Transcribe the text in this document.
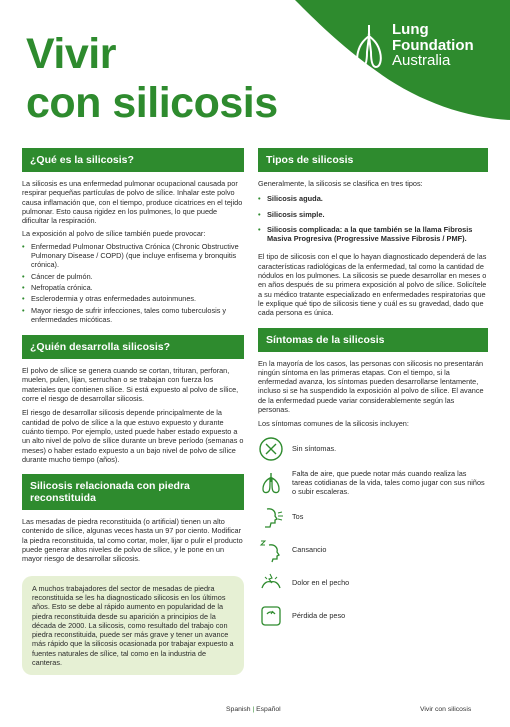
Vivir
con silicosis
Lung
Foundation
Australia
¿Qué es la silicosis?

La silicosis es una enfermedad pulmonar ocupacional causada por respirar pequeñas partículas de polvo de sílice. Inhalar este polvo causa inflamación que, con el tiempo, produce cicatrices en el tejido pulmonar. Esto causa rigidez en los pulmones, lo que puede dificultar la respiración.

La exposición al polvo de sílice también puede provocar:

• Enfermedad Pulmonar Obstructiva Crónica (Chronic Obstructive Pulmonary Disease / COPD) (que incluye enfisema y bronquitis crónica).
• Cáncer de pulmón.
• Nefropatía crónica.
• Esclerodermia y otras enfermedades autoinmunes.
• Mayor riesgo de sufrir infecciones, tales como tuberculosis y enfermedades micóticas.
¿Quién desarrolla silicosis?

El polvo de sílice se genera cuando se cortan, trituran, perforan, muelen, pulen, lijan, serruchan o se trabajan con fuerza los materiales que contienen sílice. Si está expuesto al polvo de sílice, corre el riesgo de desarrollar silicosis.

El riesgo de desarrollar silicosis depende principalmente de la cantidad de polvo de sílice a la que estuvo expuesto y durante cuánto tiempo. Por ejemplo, usted puede haber estado expuesto a un alto nivel de polvo de sílice durante un breve período (semanas o meses) o haber estado expuesto a un bajo nivel de polvo de sílice durante mucho tiempo (años).

Silicosis relacionada con piedra reconstituida

Las mesadas de piedra reconstituida (o artificial) tienen un alto contenido de sílice, algunas veces hasta un 97 por ciento. Modificar la piedra reconstituida, tal como cortar, moler, lijar o pulir el producto puede generar altos niveles de polvo de sílice, y le pone en un mayor riesgo de desarrollar silicosis.

A muchos trabajadores del sector de mesadas de piedra reconstituida se les ha diagnosticado silicosis en los últimos años. Esto se debe al rápido aumento en popularidad de la piedra reconstituida desde su aparición a principios de la década de 2000. La silicosis, como resultado del trabajo con piedra reconstituida, puede ser más grave y tener un avance más rápido que la silicosis ocasionada por trabajar expuesto a fuentes naturales de sílice, tal como en la industria de canteras.

Tipos de silicosis

Generalmente, la silicosis se clasifica en tres tipos:

• Silicosis aguda.
• Silicosis simple.
• Silicosis complicada: a la que también se la llama Fibrosis Masiva Progresiva (Progressive Massive Fibrosis / PMF).

El tipo de silicosis con el que lo hayan diagnosticado dependerá de las características radiológicas de la enfermedad, tal como la cantidad de nódulos en los pulmones. La silicosis se puede desarrollar en meses o en años después de su primera exposición al polvo de sílice. Solicítele a su médico tratante especializado en enfermedades respiratorias que le explique qué tipo de silicosis tiene y cuál es su gravedad, dado que cada persona es única.

Síntomas de la silicosis

En la mayoría de los casos, las personas con silicosis no presentarán ningún síntoma en las primeras etapas. Con el tiempo, si la enfermedad avanza, los síntomas pueden desarrollarse lentamente, incluso si se ha suspendido la exposición al polvo de sílice. El avance de la enfermedad puede variar considerablemente según las personas.

Los síntomas comunes de la silicosis incluyen:

Sin síntomas.
Falta de aire, que puede notar más cuando realiza las tareas cotidianas de la vida, tales como jugar con sus niños o subir escaleras.
Tos
Cansancio
Dolor en el pecho
Pérdida de peso
Spanish | Español	Vivir con silicosis
